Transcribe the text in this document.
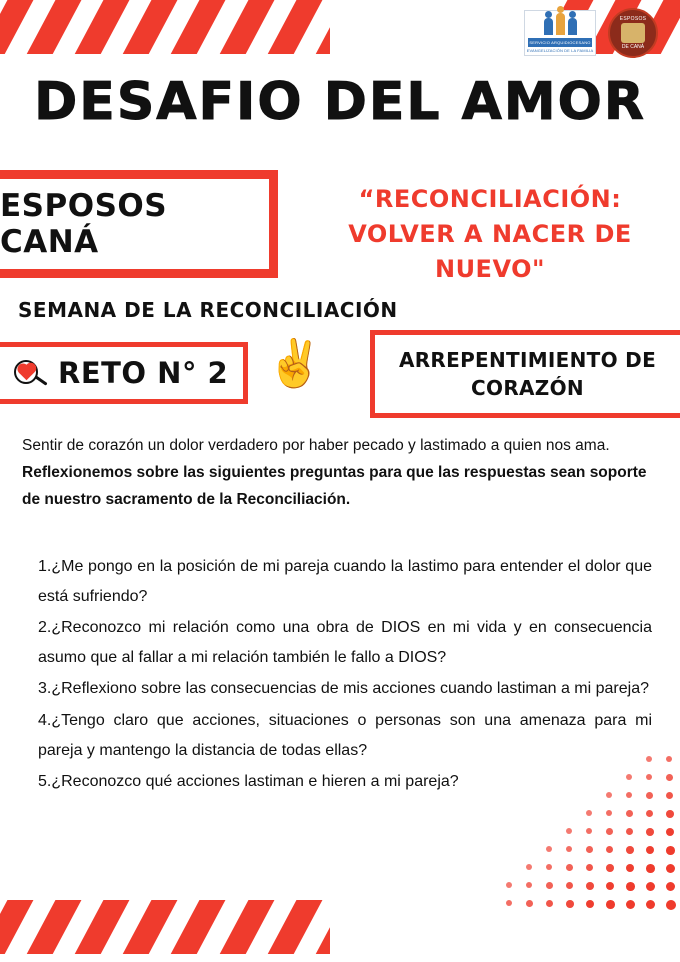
SERVICIO ARQUIDIOCESANO
EVANGELIZACIÓN DE LA FAMILIA
ESPOSOS
DE CANÁ
DESAFIO DEL AMOR
ESPOSOS CANÁ
“RECONCILIACIÓN:
VOLVER A NACER DE NUEVO"
SEMANA DE LA RECONCILIACIÓN
RETO N° 2 ✌	ARREPENTIMIENTO DE
CORAZÓN
Sentir de corazón un dolor verdadero por haber pecado y lastimado a quien nos ama. Reflexionemos sobre las siguientes preguntas para que las respuestas sean soporte de nuestro sacramento de la Reconciliación.
1.¿Me pongo en la posición de mi pareja cuando la lastimo para entender el dolor que está sufriendo?
2.¿Reconozco mi relación como una obra de DIOS en mi vida y en consecuencia asumo que al fallar a mi relación también le fallo a DIOS?
3.¿Reflexiono sobre las consecuencias de mis acciones cuando lastiman a mi pareja?
4.¿Tengo claro que acciones, situaciones o personas son una amenaza para mi pareja y mantengo la distancia de todas ellas?
5.¿Reconozco qué acciones lastiman e hieren a mi pareja?
